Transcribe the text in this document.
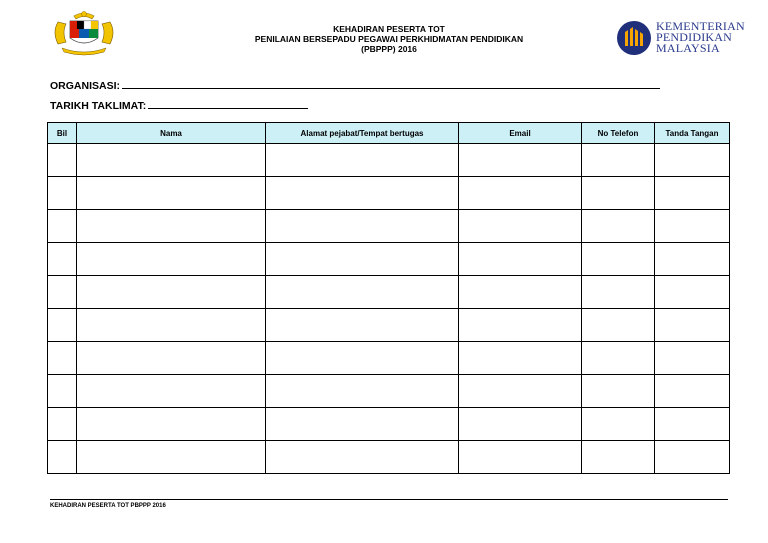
KEHADIRAN PESERTA TOT
PENILAIAN BERSEPADU PEGAWAI PERKHIDMATAN PENDIDIKAN
(PBPPP) 2016
KEMENTERIAN
PENDIDIKAN
MALAYSIA
ORGANISASI:
TARIKH TAKLIMAT:
Bil	Nama	Alamat pejabat/Tempat bertugas	Email	No Telefon	Tanda Tangan

KEHADIRAN PESERTA TOT PBPPP 2016
